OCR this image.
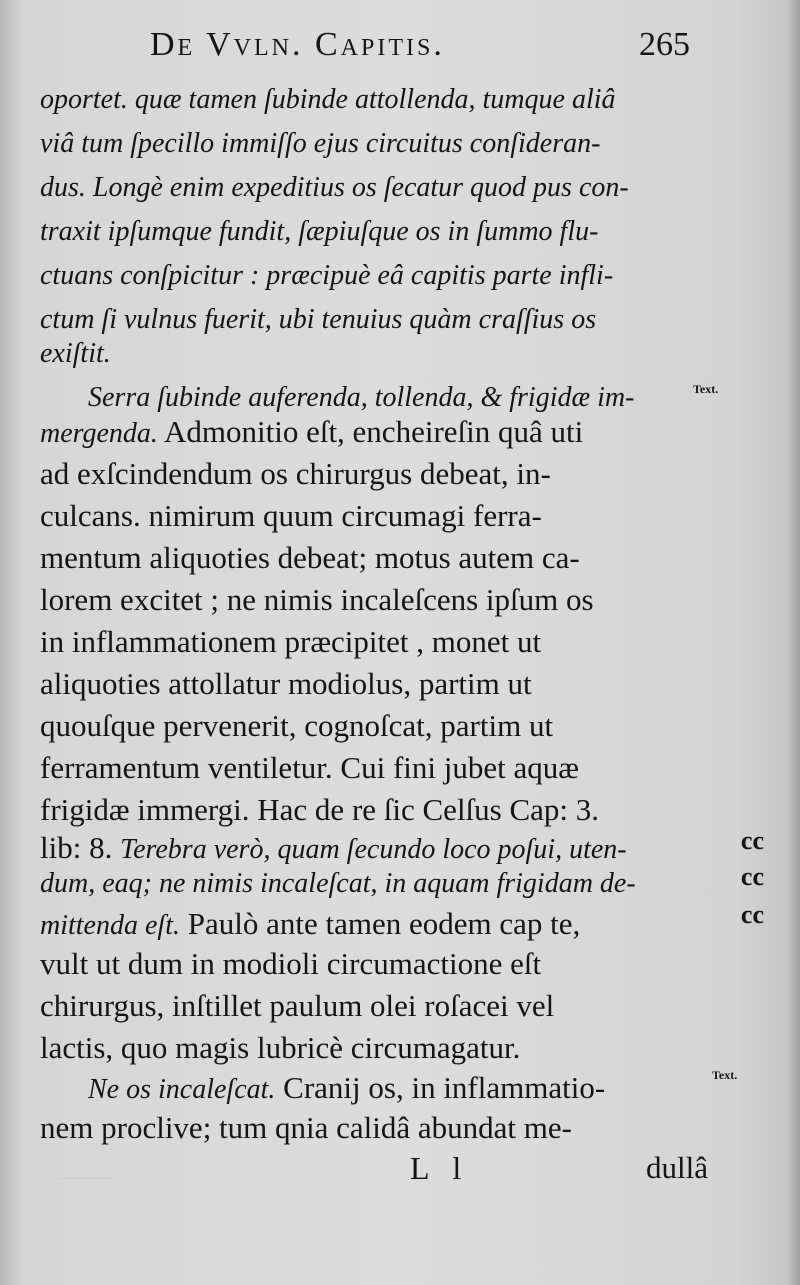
De Vvln. Capitis.	265
oportet. quæ tamen ſubinde attollenda, tumque aliâ
viâ tum ſpecillo immiſſo ejus circuitus conſideran-
dus. Longè enim expeditius os ſecatur quod pus con-
traxit ipſumque fundit, ſæpiuſque os in ſummo flu-
ctuans conſpicitur : præcipuè eâ capitis parte infli-
ctum ſi vulnus fuerit, ubi tenuius quàm craſſius os
exiſtit.
Serra ſubinde auferenda, tollenda, & frigidæ im-	Text.
mergenda. Admonitio eſt, encheireſin quâ uti
ad exſcindendum os chirurgus debeat, in-
culcans. nimirum quum circumagi ferra-
mentum aliquoties debeat; motus autem ca-
lorem excitet ; ne nimis incaleſcens ipſum os
in inflammationem præcipitet , monet ut
aliquoties attollatur modiolus, partim ut
quouſque pervenerit, cognoſcat, partim ut
ferramentum ventiletur. Cui fini jubet aquæ
frigidæ immergi. Hac de re ſic Celſus Cap: 3.
lib: 8. Terebra verò, quam ſecundo loco poſui, uten-	cc
dum, eaq; ne nimis incaleſcat, in aquam frigidam de-	cc
mittenda eſt. Paulò ante tamen eodem cap te,	cc
vult ut dum in modioli circumactione eſt
chirurgus, inſtillet paulum olei roſacei vel
lactis, quo magis lubricè circumagatur.
Ne os incaleſcat. Cranij os, in inflammatio-	Text.
nem proclive; tum qnia calidâ abundat me-
L l	dullâ
